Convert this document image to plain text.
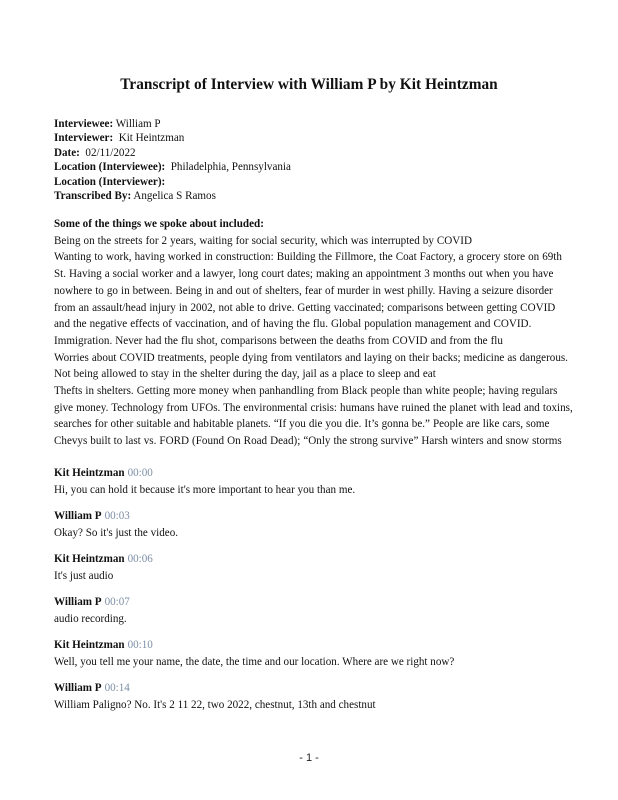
Transcript of Interview with William P by Kit Heintzman
Interviewee: William P
Interviewer:  Kit Heintzman
Date:  02/11/2022
Location (Interviewee):  Philadelphia, Pennsylvania
Location (Interviewer):
Transcribed By: Angelica S Ramos
Some of the things we spoke about included:

Being on the streets for 2 years, waiting for social security, which was interrupted by COVID

Wanting to work, having worked in construction: Building the Fillmore, the Coat Factory, a grocery store on 69th St. Having a social worker and a lawyer, long court dates; making an appointment 3 months out when you have nowhere to go in between. Being in and out of shelters, fear of murder in west philly. Having a seizure disorder from an assault/head injury in 2002, not able to drive. Getting vaccinated; comparisons between getting COVID and the negative effects of vaccination, and of having the flu. Global population management and COVID. Immigration. Never had the flu shot, comparisons between the deaths from COVID and from the flu

Worries about COVID treatments, people dying from ventilators and laying on their backs; medicine as dangerous. Not being allowed to stay in the shelter during the day, jail as a place to sleep and eat

Thefts in shelters. Getting more money when panhandling from Black people than white people; having regulars give money. Technology from UFOs. The environmental crisis: humans have ruined the planet with lead and toxins, searches for other suitable and habitable planets. “If you die you die. It’s gonna be.” People are like cars, some Chevys built to last vs. FORD (Found On Road Dead); “Only the strong survive” Harsh winters and snow storms

Kit Heintzman 00:00
Hi, you can hold it because it's more important to hear you than me.
William P 00:03
Okay? So it's just the video.
Kit Heintzman 00:06
It's just audio
William P 00:07
audio recording.
Kit Heintzman 00:10
Well, you tell me your name, the date, the time and our location. Where are we right now?
William P 00:14
William Paligno? No. It's 2 11 22, two 2022, chestnut, 13th and chestnut
- 1 -
